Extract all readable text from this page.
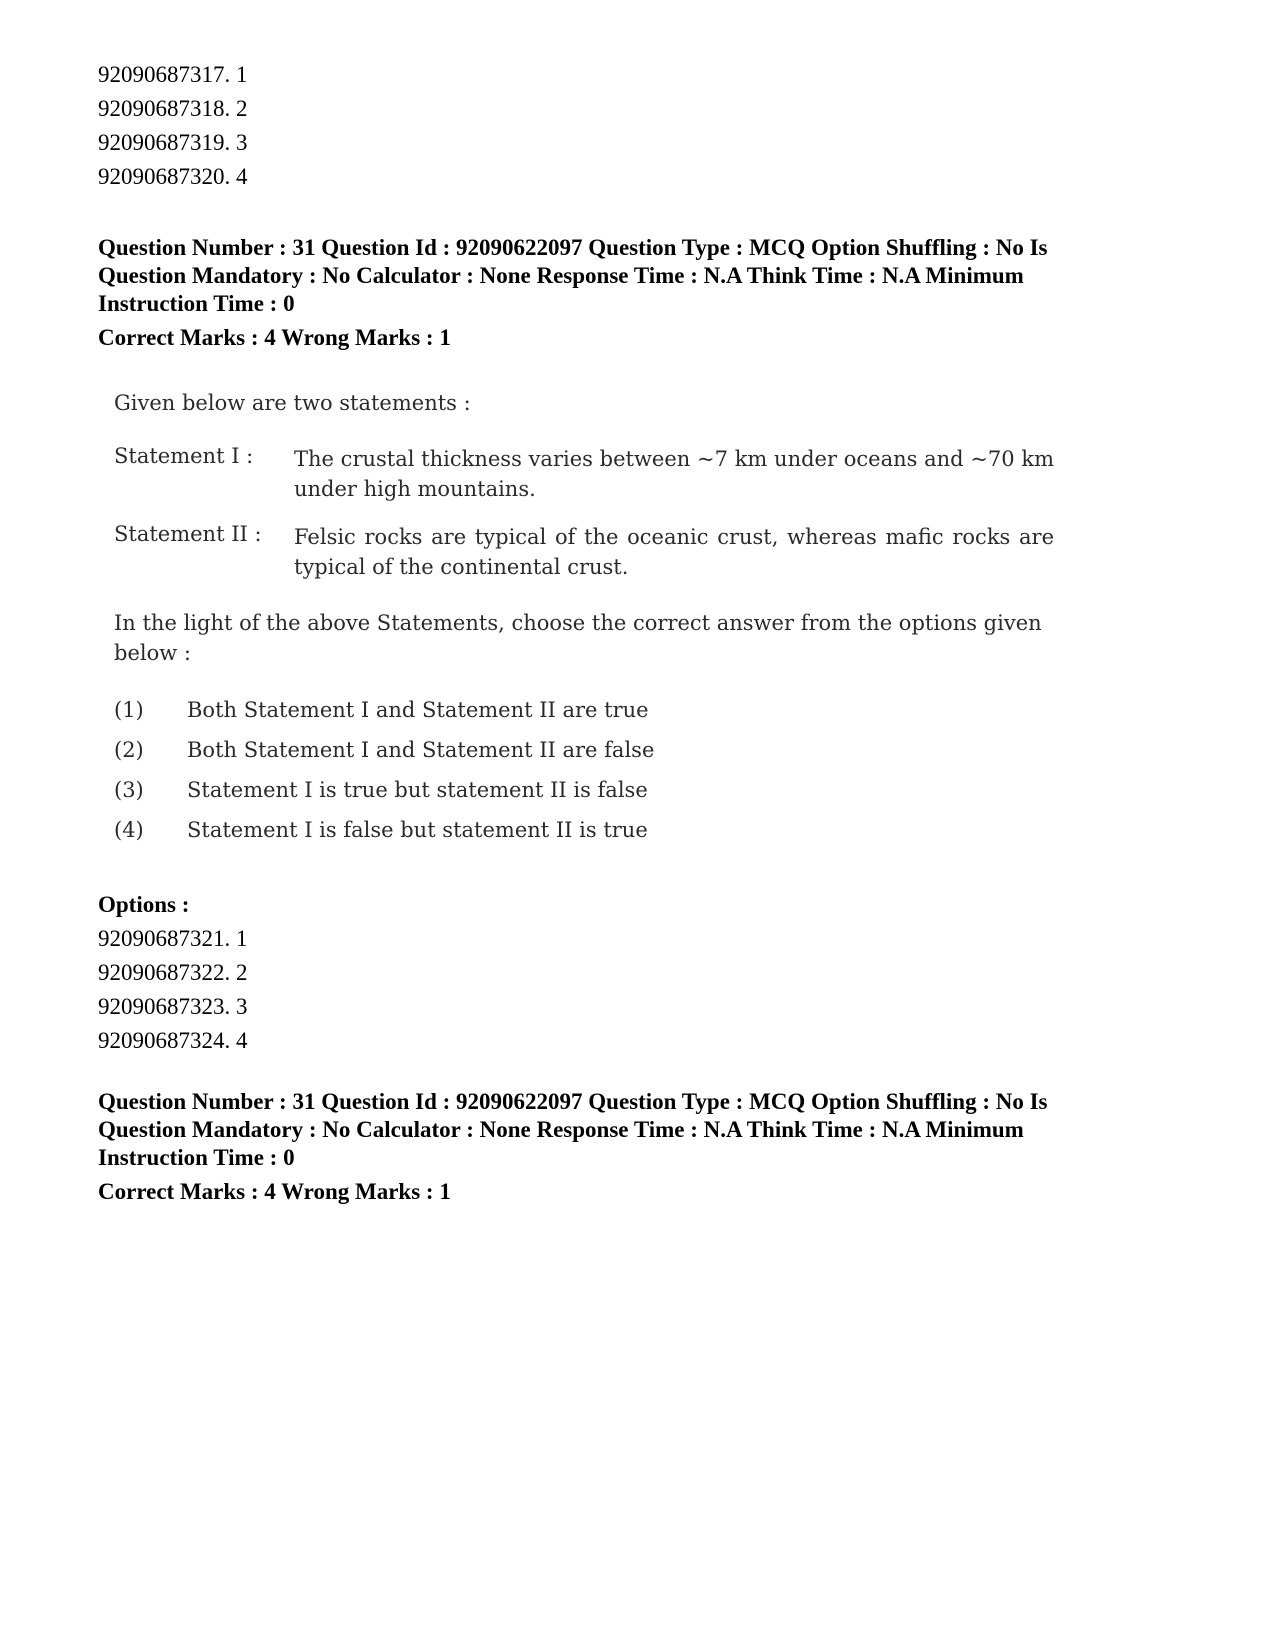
92090687317. 1
92090687318. 2
92090687319. 3
92090687320. 4
Question Number : 31 Question Id : 92090622097 Question Type : MCQ Option Shuffling : No Is
Question Mandatory : No Calculator : None Response Time : N.A Think Time : N.A Minimum
Instruction Time : 0
Correct Marks : 4 Wrong Marks : 1
Given below are two statements :
Statement I : The crustal thickness varies between ~7 km under oceans and ~70 km under high mountains.
Statement II : Felsic rocks are typical of the oceanic crust, whereas mafic rocks are typical of the continental crust.
In the light of the above Statements, choose the correct answer from the options given below :
(1) Both Statement I and Statement II are true
(2) Both Statement I and Statement II are false
(3) Statement I is true but statement II is false
(4) Statement I is false but statement II is true
Options :
92090687321. 1
92090687322. 2
92090687323. 3
92090687324. 4
Question Number : 31 Question Id : 92090622097 Question Type : MCQ Option Shuffling : No Is
Question Mandatory : No Calculator : None Response Time : N.A Think Time : N.A Minimum
Instruction Time : 0
Correct Marks : 4 Wrong Marks : 1
